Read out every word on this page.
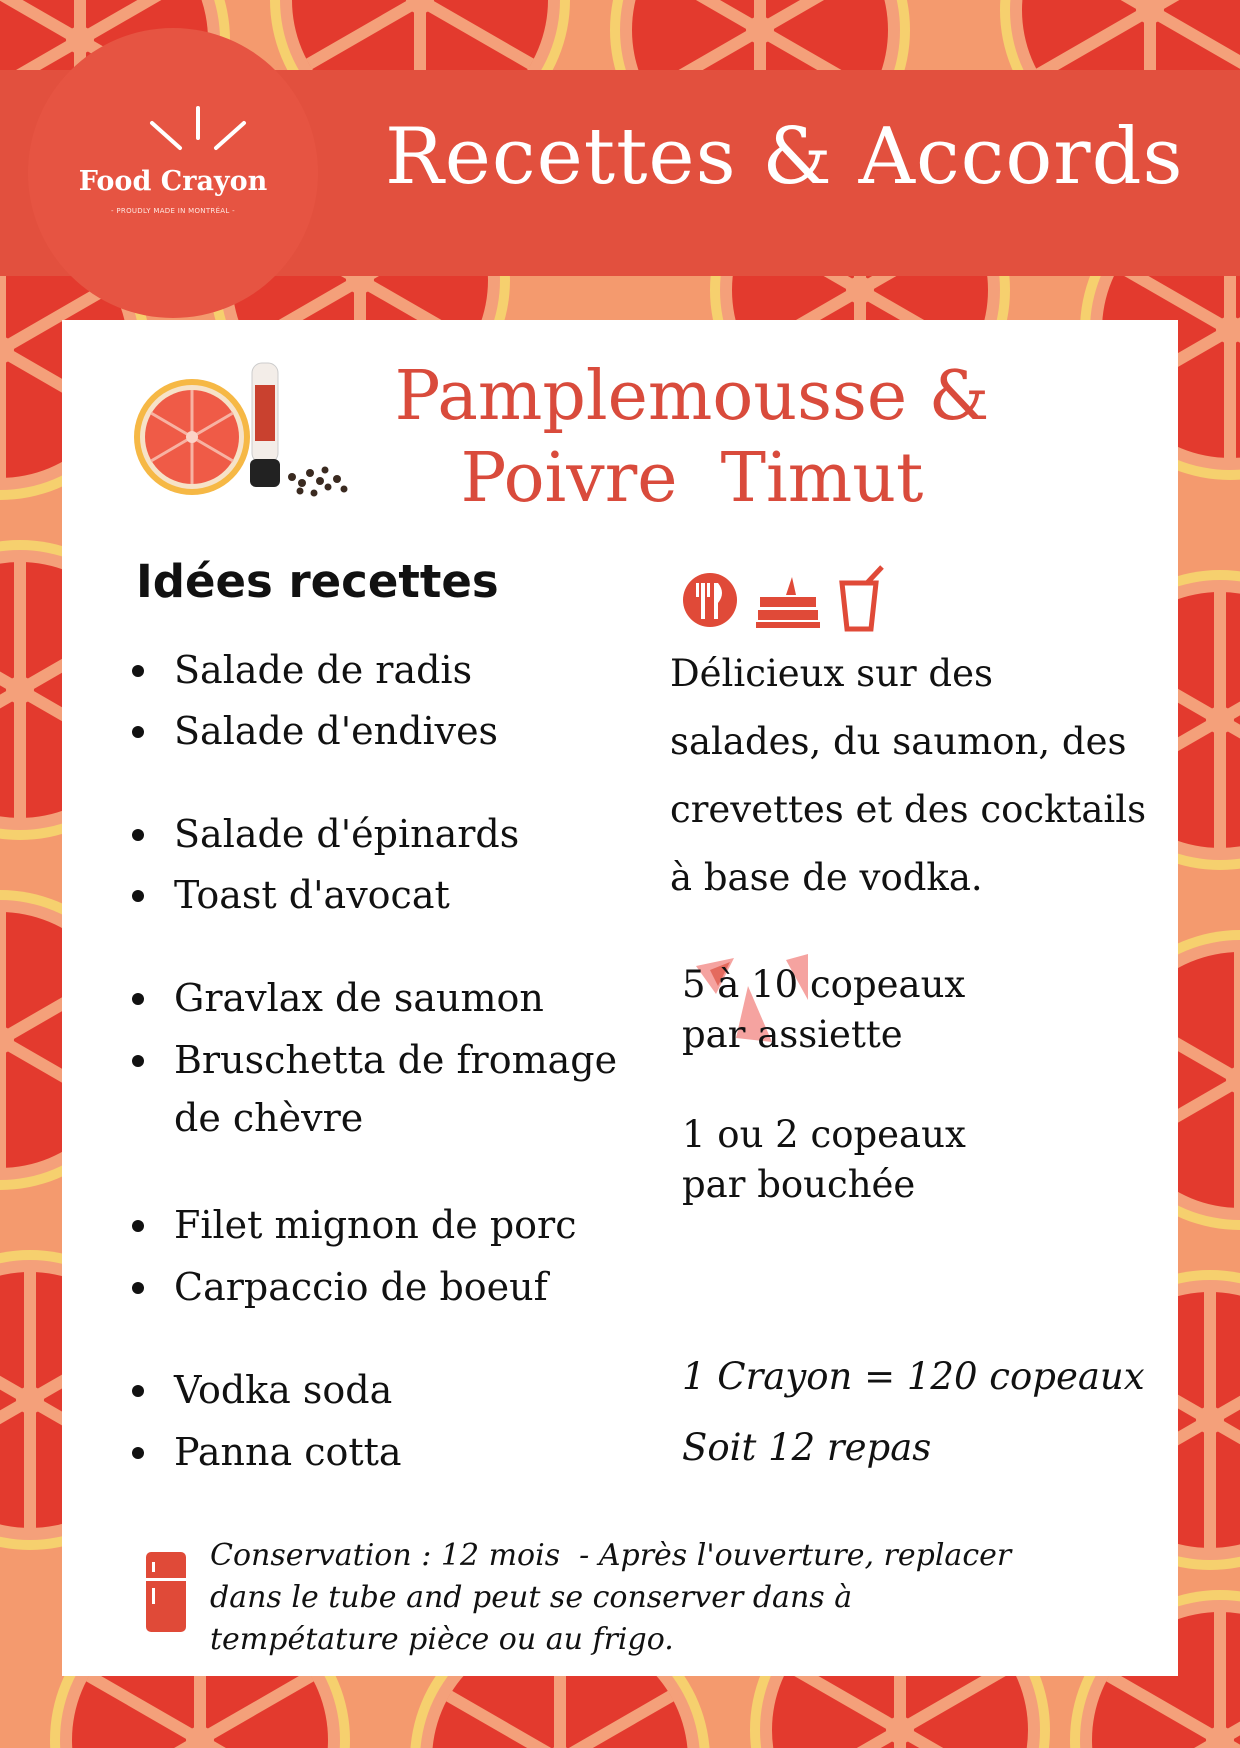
Recettes & Accords
Food Crayon
- PROUDLY MADE IN MONTRÉAL -
Pamplemousse &
Poivre  Timut
Idées recettes
Salade de radis
Salade d'endives
Salade d'épinards
Toast d'avocat
Gravlax de saumon
Bruschetta de fromage
de chèvre
Filet mignon de porc
Carpaccio de boeuf
Vodka soda
Panna cotta
Délicieux sur des
salades, du saumon, des
crevettes et des cocktails
à base de vodka.
5 à 10 copeaux
par assiette
1 ou 2 copeaux
par bouchée
1 Crayon = 120 copeaux
Soit 12 repas
Conservation : 12 mois  - Après l'ouverture, replacer
dans le tube and peut se conserver dans à
tempétature pièce ou au frigo.
